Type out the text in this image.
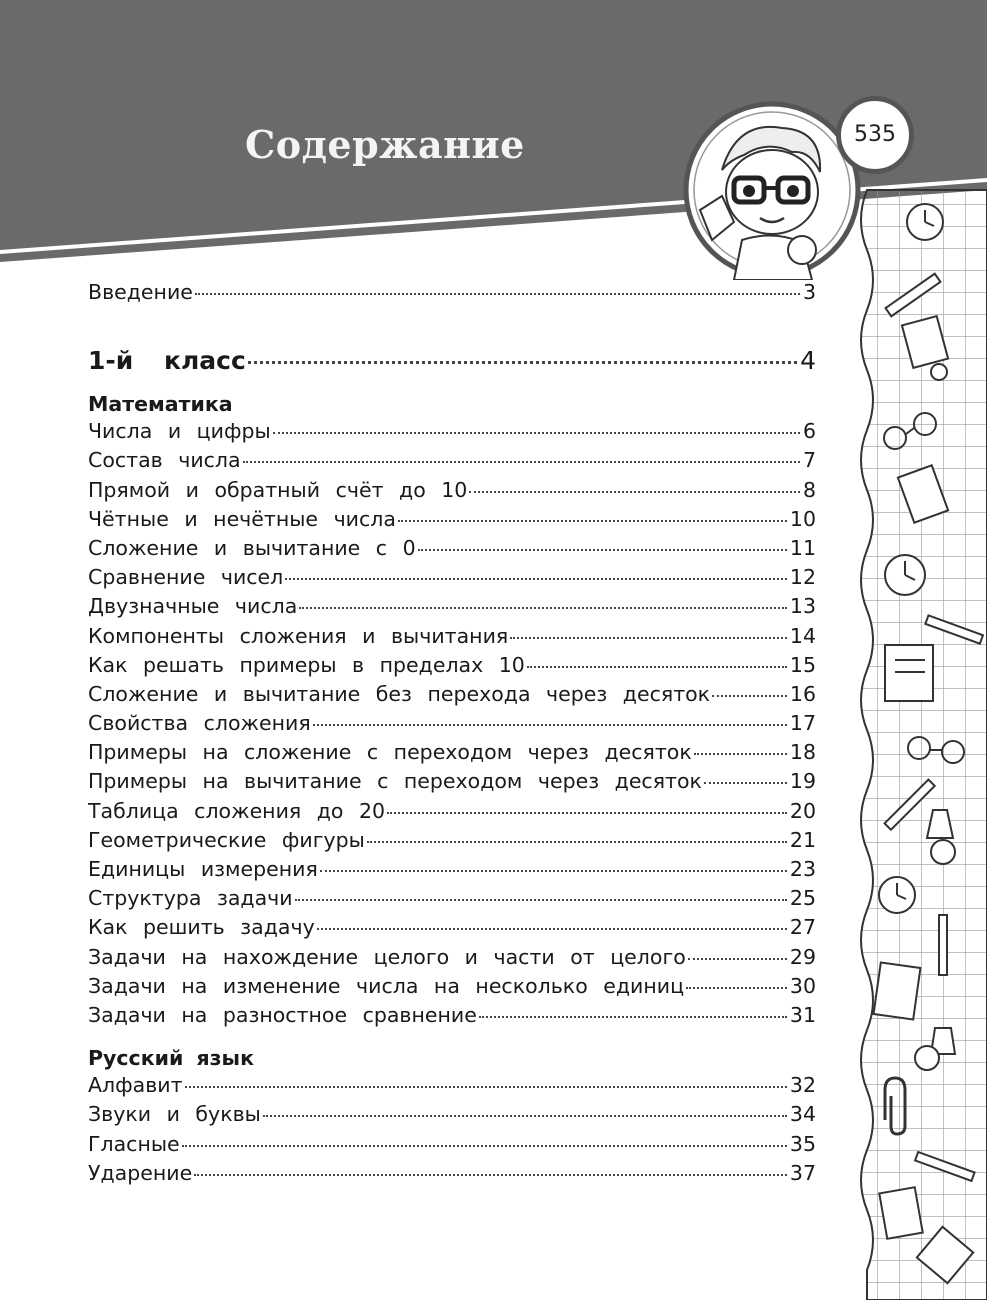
Содержание	535
Введение	3
1-й класс	4
Математика
Числа и цифры	6
Состав числа	7
Прямой и обратный счёт до 10	8
Чётные и нечётные числа	10
Сложение и вычитание с 0	11
Сравнение чисел	12
Двузначные числа	13
Компоненты сложения и вычитания	14
Как решать примеры в пределах 10	15
Сложение и вычитание без перехода через десяток	16
Свойства сложения	17
Примеры на сложение с переходом через десяток	18
Примеры на вычитание с переходом через десяток	19
Таблица сложения до 20	20
Геометрические фигуры	21
Единицы измерения	23
Структура задачи	25
Как решить задачу	27
Задачи на нахождение целого и части от целого	29
Задачи на изменение числа на несколько единиц	30
Задачи на разностное сравнение	31
Русский язык
Алфавит	32
Звуки и буквы	34
Гласные	35
Ударение	37
